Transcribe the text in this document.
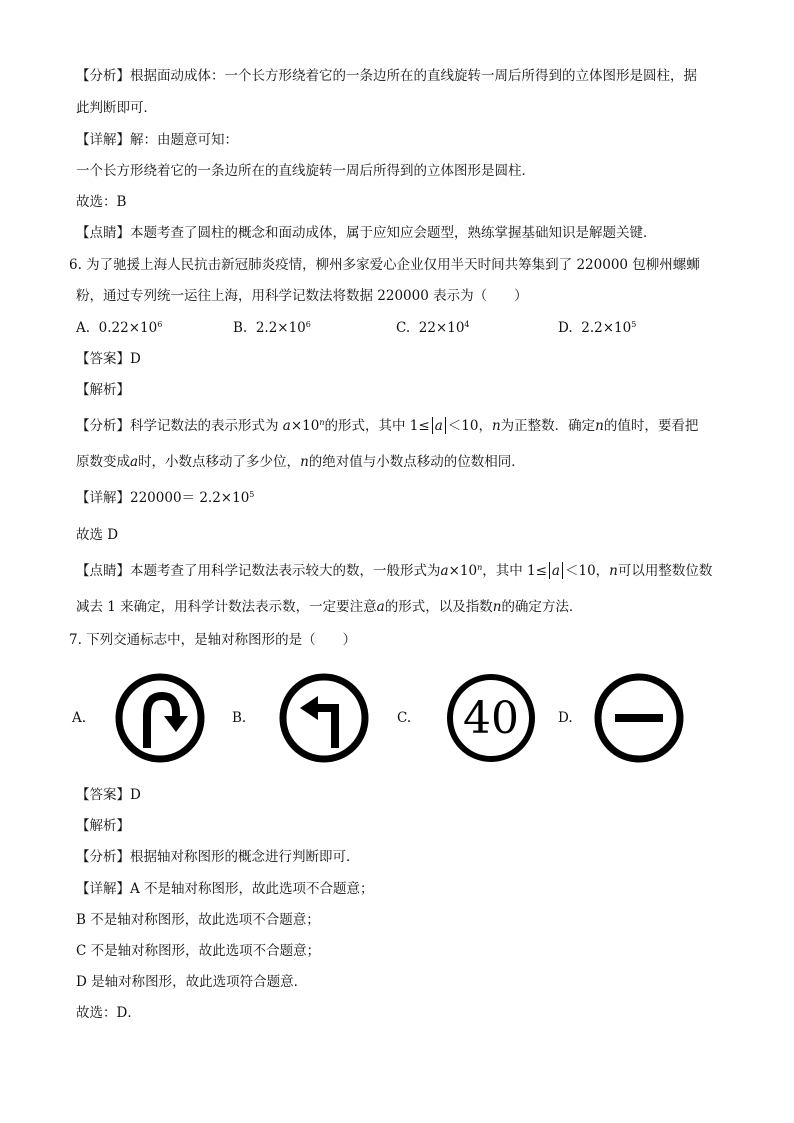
【分析】根据面动成体：一个长方形绕着它的一条边所在的直线旋转一周后所得到的立体图形是圆柱，据
此判断即可．
【详解】解：由题意可知：
一个长方形绕着它的一条边所在的直线旋转一周后所得到的立体图形是圆柱．
故选：B
【点睛】本题考查了圆柱的概念和面动成体，属于应知应会题型，熟练掌握基础知识是解题关键．
6. 为了驰援上海人民抗击新冠肺炎疫情，柳州多家爱心企业仅用半天时间共筹集到了 220000 包柳州螺蛳
粉，通过专列统一运往上海，用科学记数法将数据 220000 表示为（　　）
A. $0.22\times 10^6$	B. $2.2\times 10^6$	C. $22\times 10^4$	D. $2.2\times 10^5$
【答案】D
【解析】
【分析】科学记数法的表示形式为 $a\times 10^n$的形式，其中 1≤ a ＜10，n为正整数．确定n的值时，要看把
原数变成a时，小数点移动了多少位，n的绝对值与小数点移动的位数相同．
【详解】$220000= 2.2\times 10^5$
故选 D
【点睛】本题考查了用科学记数法表示较大的数，一般形式为$a\times 10^n$，其中 1≤ a ＜10，n可以用整数位数
减去 1 来确定，用科学计数法表示数，一定要注意a的形式，以及指数n的确定方法．
7. 下列交通标志中，是轴对称图形的是（　　）
A.	B.	C. 40	D.
【答案】D
【解析】
【分析】根据轴对称图形的概念进行判断即可．
【详解】A 不是轴对称图形，故此选项不合题意；
B 不是轴对称图形，故此选项不合题意；
C 不是轴对称图形，故此选项不合题意；
D 是轴对称图形，故此选项符合题意．
故选：D．
